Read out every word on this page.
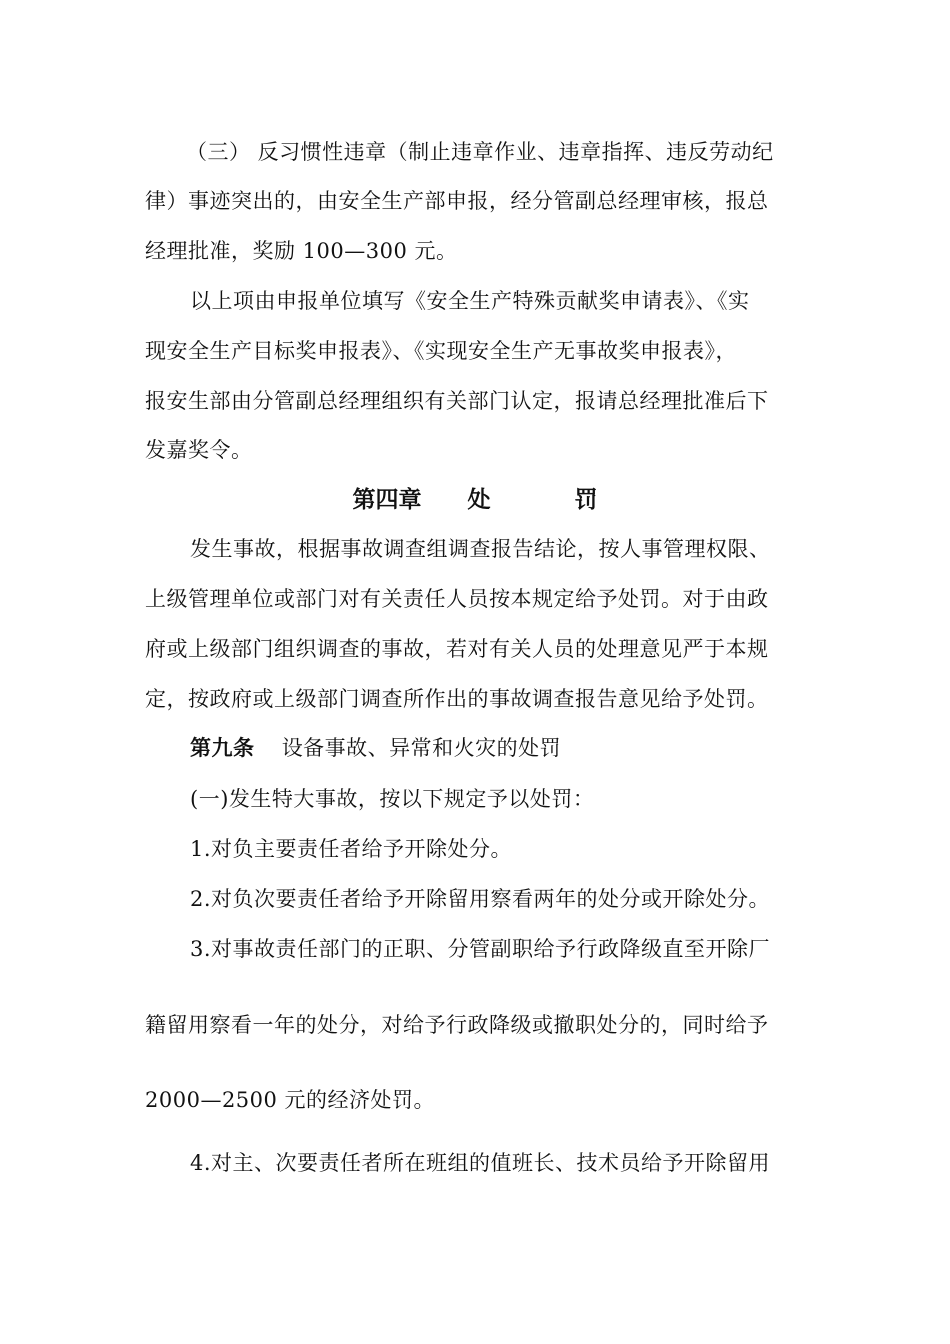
（三） 反习惯性违章（制止违章作业、违章指挥、违反劳动纪
律）事迹突出的，由安全生产部申报，经分管副总经理审核，报总
经理批准，奖励 100—300 元。
以上项由申报单位填写《安全生产特殊贡献奖申请表》、《实
现安全生产目标奖申报表》、《实现安全生产无事故奖申报表》，
报安生部由分管副总经理组织有关部门认定，报请总经理批准后下
发嘉奖令。
第四章 处	罚
发生事故，根据事故调查组调查报告结论，按人事管理权限、
上级管理单位或部门对有关责任人员按本规定给予处罚。对于由政
府或上级部门组织调查的事故，若对有关人员的处理意见严于本规
定，按政府或上级部门调查所作出的事故调查报告意见给予处罚。
第九条 设备事故、异常和火灾的处罚
(一)发生特大事故，按以下规定予以处罚：
1.对负主要责任者给予开除处分。
2.对负次要责任者给予开除留用察看两年的处分或开除处分。
3.对事故责任部门的正职、分管副职给予行政降级直至开除厂
籍留用察看一年的处分，对给予行政降级或撤职处分的，同时给予
2000—2500 元的经济处罚。
4.对主、次要责任者所在班组的值班长、技术员给予开除留用
